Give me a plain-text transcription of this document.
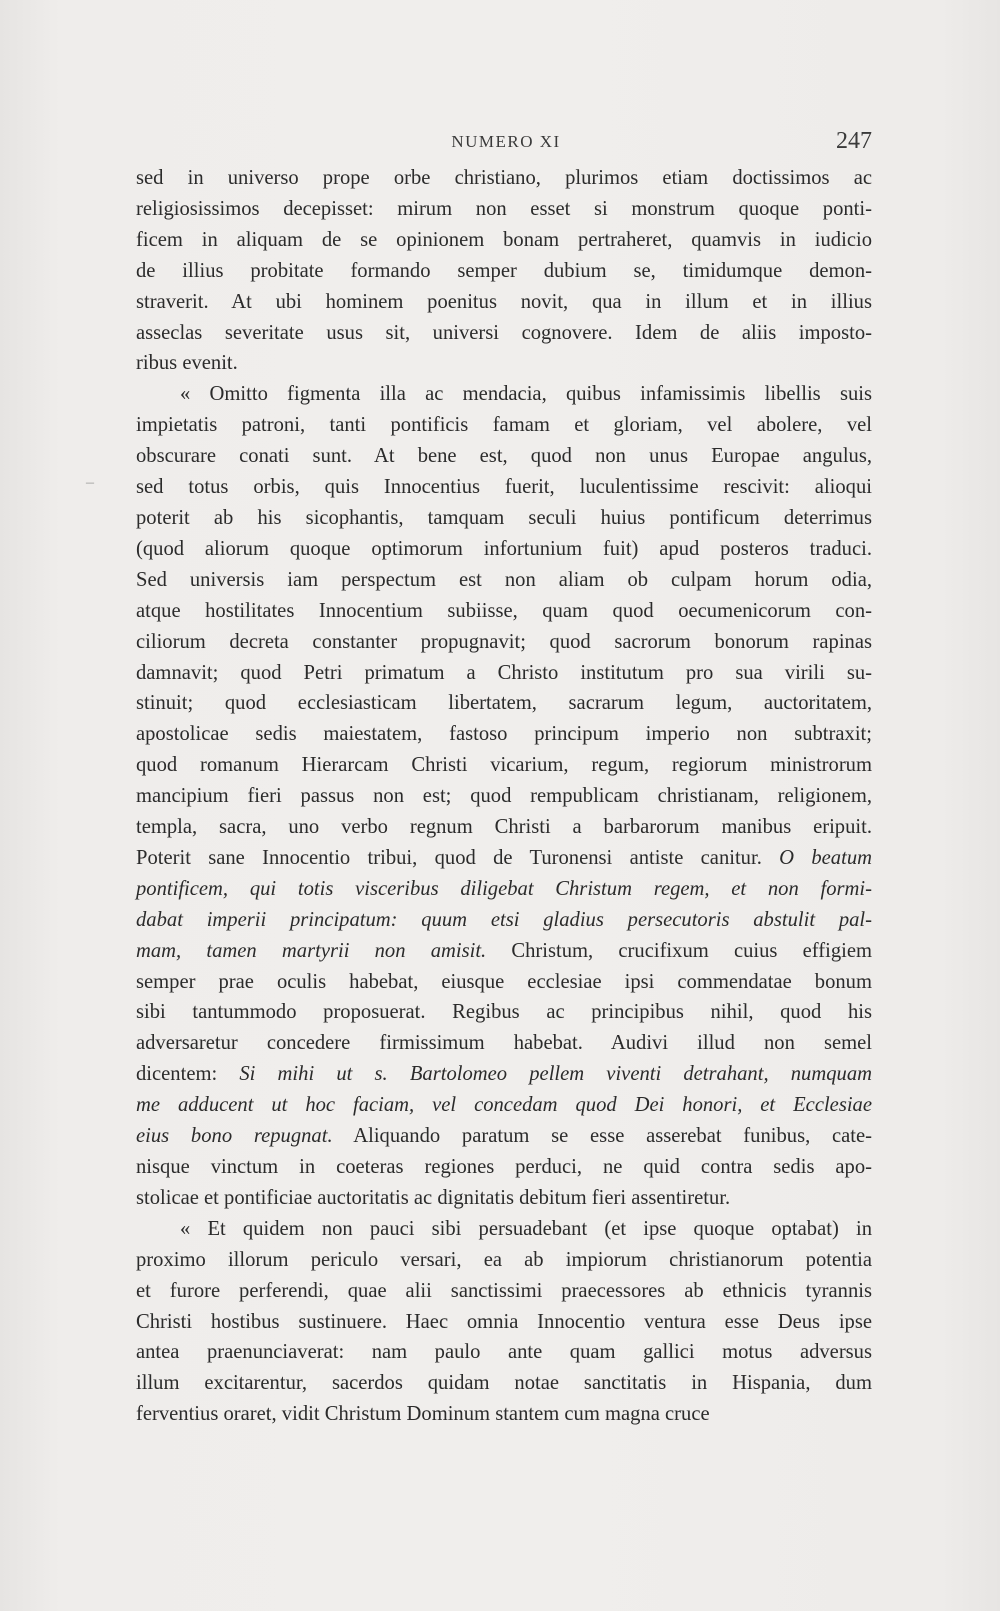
NUMERO XI	247
–
sed in universo prope orbe christiano, plurimos etiam doctissimos ac
religiosissimos decepisset: mirum non esset si monstrum quoque ponti-
ficem in aliquam de se opinionem bonam pertraheret, quamvis in iudicio
de illius probitate formando semper dubium se, timidumque demon-
straverit. At ubi hominem poenitus novit, qua in illum et in illius
asseclas severitate usus sit, universi cognovere. Idem de aliis imposto-
ribus evenit.
« Omitto figmenta illa ac mendacia, quibus infamissimis libellis suis
impietatis patroni, tanti pontificis famam et gloriam, vel abolere, vel
obscurare conati sunt. At bene est, quod non unus Europae angulus,
sed totus orbis, quis Innocentius fuerit, luculentissime rescivit: alioqui
poterit ab his sicophantis, tamquam seculi huius pontificum deterrimus
(quod aliorum quoque optimorum infortunium fuit) apud posteros traduci.
Sed universis iam perspectum est non aliam ob culpam horum odia,
atque hostilitates Innocentium subiisse, quam quod oecumenicorum con-
ciliorum decreta constanter propugnavit; quod sacrorum bonorum rapinas
damnavit; quod Petri primatum a Christo institutum pro sua virili su-
stinuit; quod ecclesiasticam libertatem, sacrarum legum, auctoritatem,
apostolicae sedis maiestatem, fastoso principum imperio non subtraxit;
quod romanum Hierarcam Christi vicarium, regum, regiorum ministrorum
mancipium fieri passus non est; quod rempublicam christianam, religionem,
templa, sacra, uno verbo regnum Christi a barbarorum manibus eripuit.
Poterit sane Innocentio tribui, quod de Turonensi antiste canitur. O beatum
pontificem, qui totis visceribus diligebat Christum regem, et non formi-
dabat imperii principatum: quum etsi gladius persecutoris abstulit pal-
mam, tamen martyrii non amisit. Christum, crucifixum cuius effigiem
semper prae oculis habebat, eiusque ecclesiae ipsi commendatae bonum
sibi tantummodo proposuerat. Regibus ac principibus nihil, quod his
adversaretur concedere firmissimum habebat. Audivi illud non semel
dicentem: Si mihi ut s. Bartolomeo pellem viventi detrahant, numquam
me adducent ut hoc faciam, vel concedam quod Dei honori, et Ecclesiae
eius bono repugnat. Aliquando paratum se esse asserebat funibus, cate-
nisque vinctum in coeteras regiones perduci, ne quid contra sedis apo-
stolicae et pontificiae auctoritatis ac dignitatis debitum fieri assentiretur.
« Et quidem non pauci sibi persuadebant (et ipse quoque optabat) in
proximo illorum periculo versari, ea ab impiorum christianorum potentia
et furore perferendi, quae alii sanctissimi praecessores ab ethnicis tyrannis
Christi hostibus sustinuere. Haec omnia Innocentio ventura esse Deus ipse
antea praenunciaverat: nam paulo ante quam gallici motus adversus
illum excitarentur, sacerdos quidam notae sanctitatis in Hispania, dum
ferventius oraret, vidit Christum Dominum stantem cum magna cruce
